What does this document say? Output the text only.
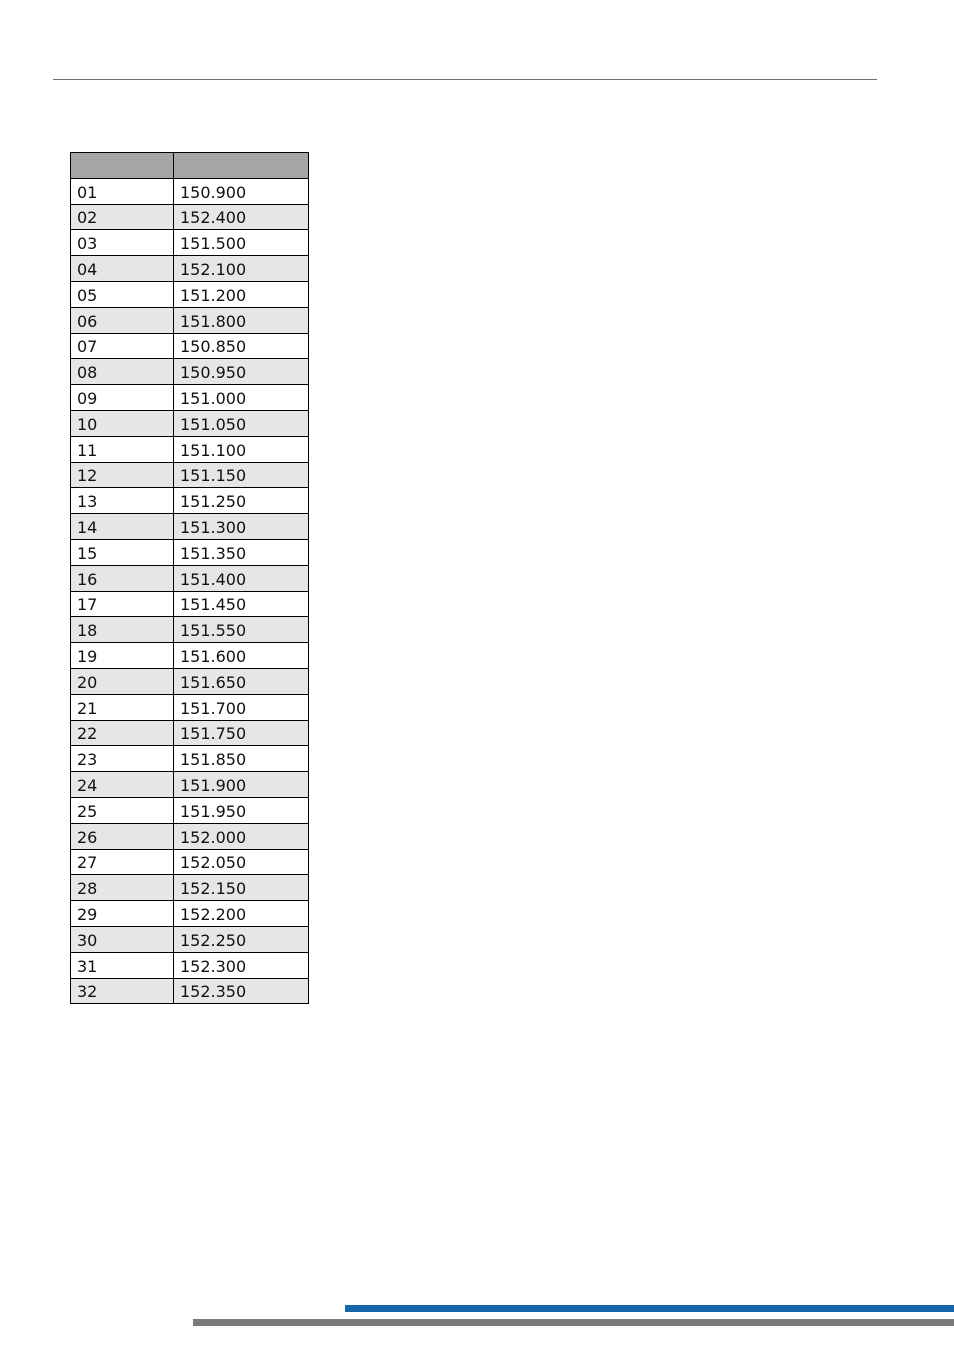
01	150.900
02	152.400
03	151.500
04	152.100
05	151.200
06	151.800
07	150.850
08	150.950
09	151.000
10	151.050
11	151.100
12	151.150
13	151.250
14	151.300
15	151.350
16	151.400
17	151.450
18	151.550
19	151.600
20	151.650
21	151.700
22	151.750
23	151.850
24	151.900
25	151.950
26	152.000
27	152.050
28	152.150
29	152.200
30	152.250
31	152.300
32	152.350
